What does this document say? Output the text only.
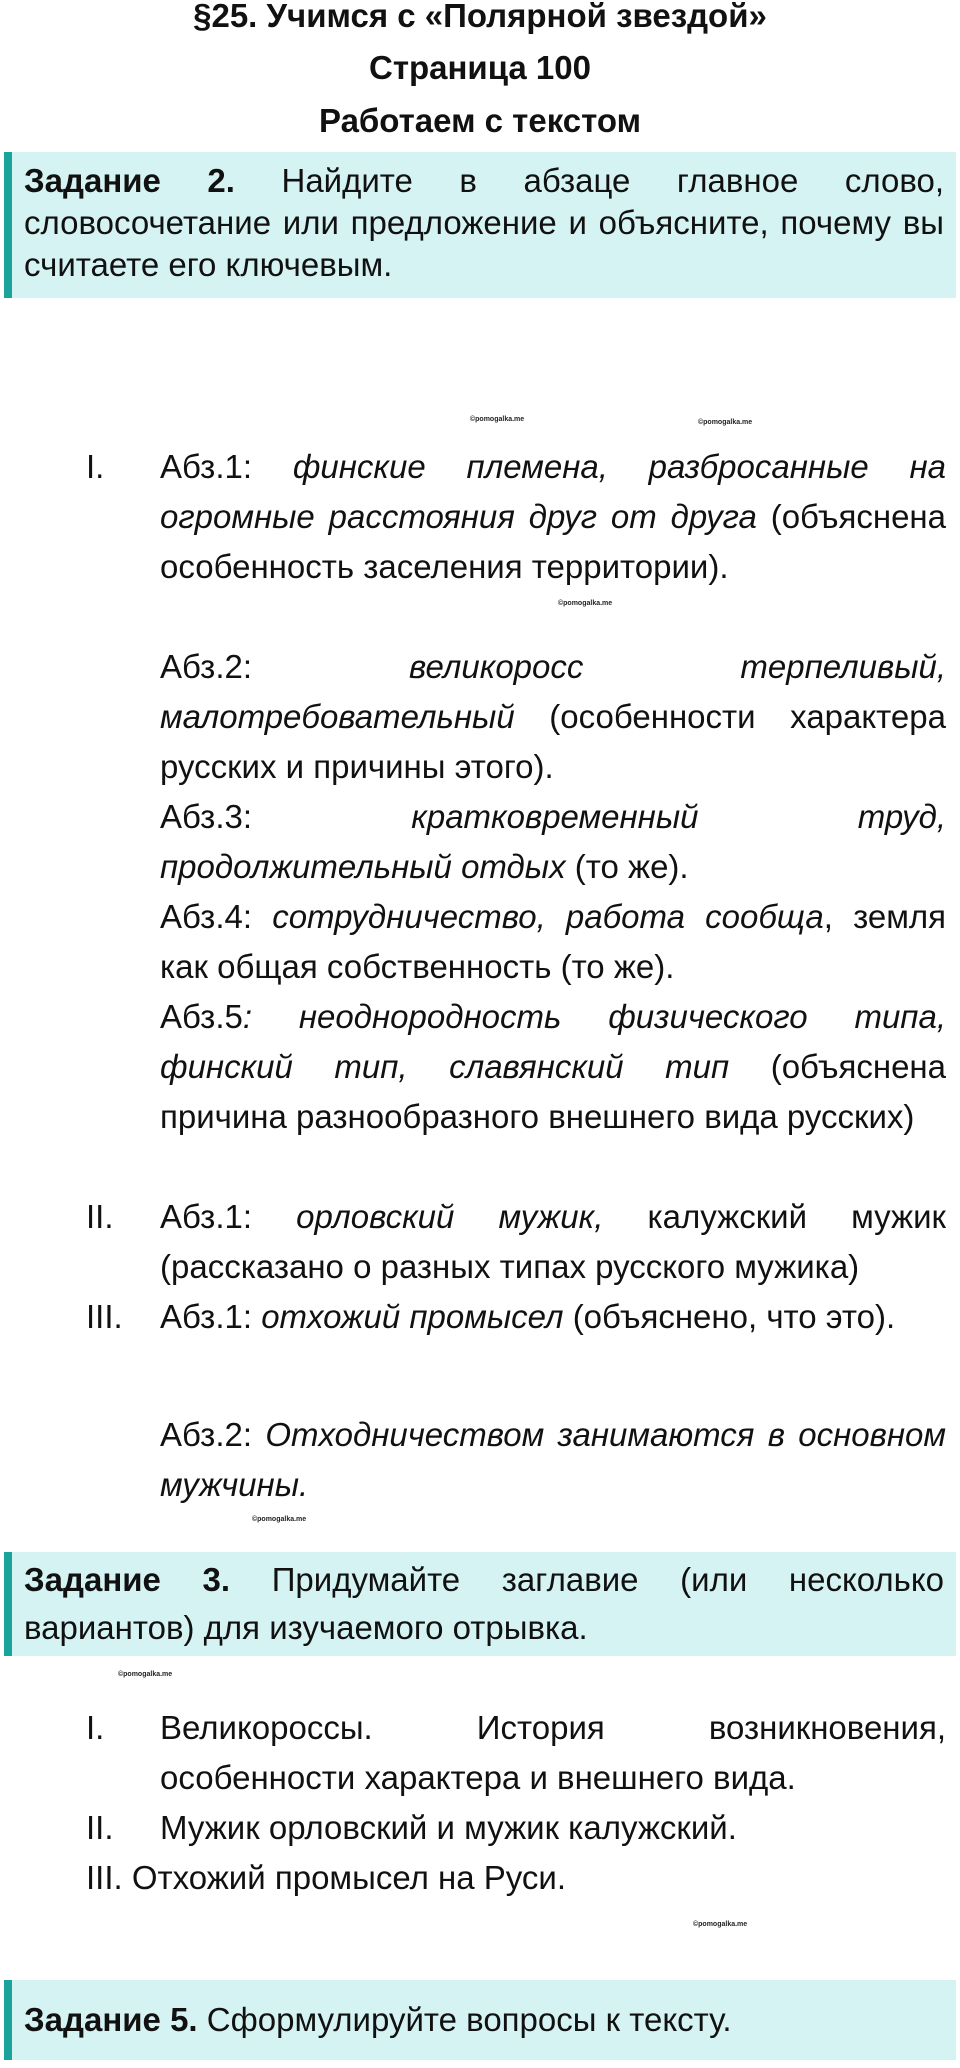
§25. Учимся с «Полярной звездой»
Страница 100
Работаем с текстом
Задание 2. Найдите в абзаце главное слово, словосочетание или предложение и объясните, почему вы считаете его ключевым.
©pomogalka.me	©pomogalka.me
©pomogalka.me
©pomogalka.me
©pomogalka.me
©pomogalka.me
I.	Абз.1: финские племена, разбросанные на огромные расстояния друг от друга (объяснена особенность заселения территории).

Абз.2:	великоросс терпеливый, малотребовательный (особенности характера русских и причины этого).

Абз.3:	кратковременный труд, продолжительный отдых (то же).

Абз.4: сотрудничество, работа сообща, земля как общая собственность (то же).

Абз.5: неоднородность физического типа, финский тип, славянский тип (объяснена причина разнообразного внешнего вида русских)

II.	Абз.1: орловский мужик, калужский мужик (рассказано о разных типах русского мужика)

III.	Абз.1: отхожий промысел (объяснено, что это).

Абз.2: Отходничеством занимаются в основном мужчины.

Задание 3. Придумайте заглавие (или несколько вариантов) для изучаемого отрывка.
I.	Великороссы. История возникновения, особенности характера и внешнего вида.

II.	Мужик орловский и мужик калужский.
III. Отхожий промысел на Руси.
Задание 5. Сформулируйте вопросы к тексту.
